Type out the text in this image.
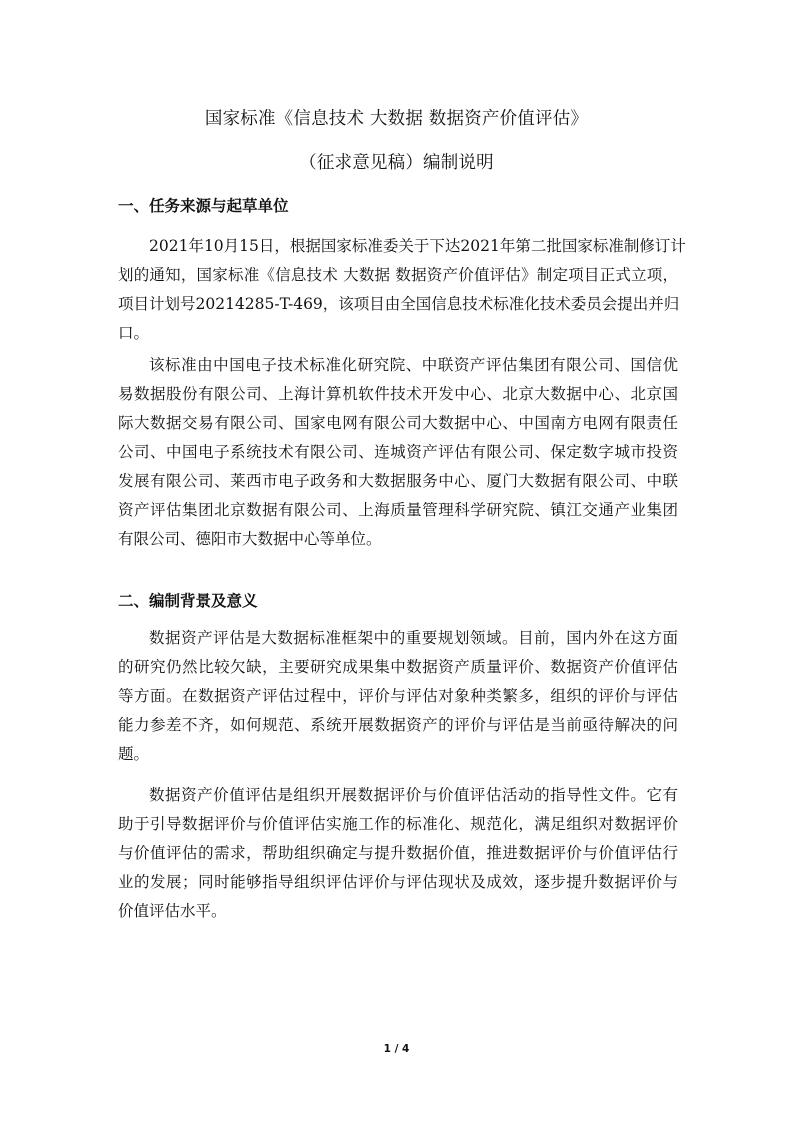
国家标准《信息技术 大数据 数据资产价值评估》
（征求意见稿）编制说明
一、任务来源与起草单位
2021年10月15日，根据国家标准委关于下达2021年第二批国家标准制修订计
划的通知，国家标准《信息技术 大数据 数据资产价值评估》制定项目正式立项，
项目计划号20214285-T-469，该项目由全国信息技术标准化技术委员会提出并归
口。
该标准由中国电子技术标准化研究院、中联资产评估集团有限公司、国信优
易数据股份有限公司、上海计算机软件技术开发中心、北京大数据中心、北京国
际大数据交易有限公司、国家电网有限公司大数据中心、中国南方电网有限责任
公司、中国电子系统技术有限公司、连城资产评估有限公司、保定数字城市投资
发展有限公司、莱西市电子政务和大数据服务中心、厦门大数据有限公司、中联
资产评估集团北京数据有限公司、上海质量管理科学研究院、镇江交通产业集团
有限公司、德阳市大数据中心等单位。
二、编制背景及意义
数据资产评估是大数据标准框架中的重要规划领域。目前，国内外在这方面
的研究仍然比较欠缺，主要研究成果集中数据资产质量评价、数据资产价值评估
等方面。在数据资产评估过程中，评价与评估对象种类繁多，组织的评价与评估
能力参差不齐，如何规范、系统开展数据资产的评价与评估是当前亟待解决的问
题。
数据资产价值评估是组织开展数据评价与价值评估活动的指导性文件。它有
助于引导数据评价与价值评估实施工作的标准化、规范化，满足组织对数据评价
与价值评估的需求，帮助组织确定与提升数据价值，推进数据评价与价值评估行
业的发展；同时能够指导组织评估评价与评估现状及成效，逐步提升数据评价与
价值评估水平。
1 / 4
